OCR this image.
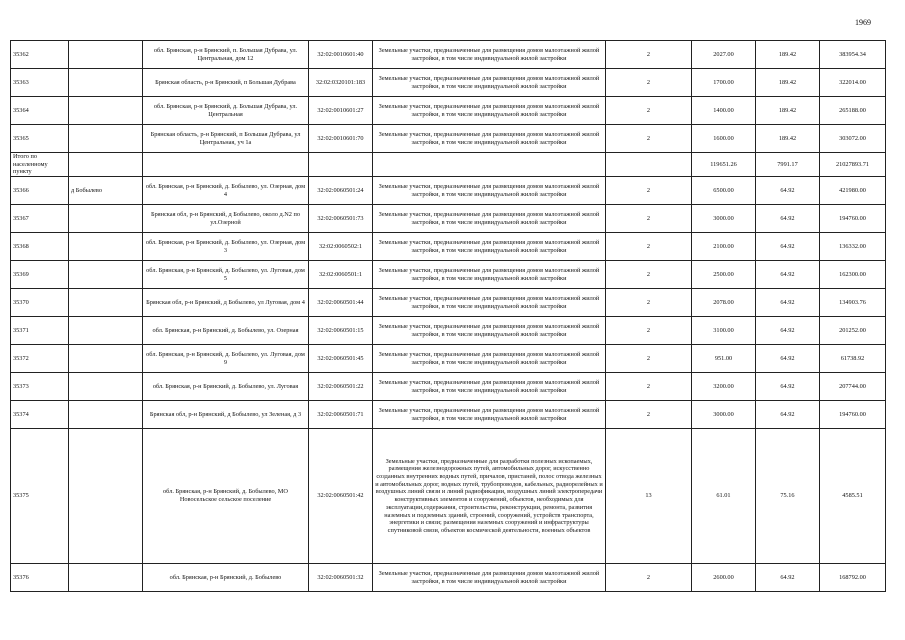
1969
35362		обл. Брянская, р-н Брянский, п. Большая Дубрава, ул. Центральная, дом 12	32:02:0010601:40	Земельные участки, предназначенные для размещения домов малоэтажной жилой застройки, в том числе индивидуальной жилой застройки	2	2027.00	189.42	383954.34
35363		Брянская область, р-н Брянский, п Большая Дубрава	32:02:0320101:183	Земельные участки, предназначенные для размещения домов малоэтажной жилой застройки, в том числе индивидуальной жилой застройки	2	1700.00	189.42	322014.00
35364		обл. Брянская, р-н Брянский, д. Большая Дубрава, ул. Центральная	32:02:0010601:27	Земельные участки, предназначенные для размещения домов малоэтажной жилой застройки, в том числе индивидуальной жилой застройки	2	1400.00	189.42	265188.00
35365		Брянская область, р-н Брянский, п Большая Дубрава, ул Центральная, уч 1а	32:02:0010601:70	Земельные участки, предназначенные для размещения домов малоэтажной жилой застройки, в том числе индивидуальной жилой застройки	2	1600.00	189.42	303072.00
Итого по населенному пункту						119651.26	7991.17	21027893.71
35366	д Бобылево	обл. Брянская, р-н Брянский, д. Бобылево, ул. Озерная, дом 4	32:02:0060501:24	Земельные участки, предназначенные для размещения домов малоэтажной жилой застройки, в том числе индивидуальной жилой застройки	2	6500.00	64.92	421980.00
35367		Брянская обл, р-н Брянский, д Бобылево, около д.N2 по ул.Озерной	32:02:0060501:73	Земельные участки, предназначенные для размещения домов малоэтажной жилой застройки, в том числе индивидуальной жилой застройки	2	3000.00	64.92	194760.00
35368		обл. Брянская, р-н Брянский, д. Бобылево, ул. Озерная, дом 3	32:02:0060502:1	Земельные участки, предназначенные для размещения домов малоэтажной жилой застройки, в том числе индивидуальной жилой застройки	2	2100.00	64.92	136332.00
35369		обл. Брянская, р-н Брянский, д. Бобылево, ул. Луговая, дом 5	32:02:0060501:1	Земельные участки, предназначенные для размещения домов малоэтажной жилой застройки, в том числе индивидуальной жилой застройки	2	2500.00	64.92	162300.00
35370		Брянская обл, р-н Брянский, д Бобылево, ул Луговая, дом 4	32:02:0060501:44	Земельные участки, предназначенные для размещения домов малоэтажной жилой застройки, в том числе индивидуальной жилой застройки	2	2078.00	64.92	134903.76
35371		обл. Брянская, р-н Брянский, д. Бобылево, ул. Озерная	32:02:0060501:15	Земельные участки, предназначенные для размещения домов малоэтажной жилой застройки, в том числе индивидуальной жилой застройки	2	3100.00	64.92	201252.00
35372		обл. Брянская, р-н Брянский, д. Бобылево, ул. Луговая, дом 9	32:02:0060501:45	Земельные участки, предназначенные для размещения домов малоэтажной жилой застройки, в том числе индивидуальной жилой застройки	2	951.00	64.92	61738.92
35373		обл. Брянская, р-н Брянский, д. Бобылево, ул. Луговая	32:02:0060501:22	Земельные участки, предназначенные для размещения домов малоэтажной жилой застройки, в том числе индивидуальной жилой застройки	2	3200.00	64.92	207744.00
35374		Брянская обл, р-н Брянский, д Бобылево, ул Зеленая, д 3	32:02:0060501:71	Земельные участки, предназначенные для размещения домов малоэтажной жилой застройки, в том числе индивидуальной жилой застройки	2	3000.00	64.92	194760.00
35375		обл. Брянская, р-н Брянский, д. Бобылево, МО Новосельское сельское поселение	32:02:0060501:42	Земельные участки, предназначенные для разработки полезных ископаемых, размещения железнодорожных путей, автомобильных дорог, искусственно созданных внутренних водных путей, причалов, пристаней, полос отвода железных и автомобильных дорог, водных путей, трубопроводов, кабельных, радиорелейных и воздушных линий связи и линий радиофикации, воздушных линий электропередачи конструктивных элементов и сооружений, объектов, необходимых для эксплуатации,содержания, строительства, реконструкции, ремонта, развития наземных и подземных зданий, строений, сооружений, устройств транспорта, энергетики и связи; размещения наземных сооружений и инфраструктуры спутниковой связи, объектов космической деятельности, военных объектов	13	61.01	75.16	4585.51
35376		обл. Брянская, р-н Брянский, д. Бобылево	32:02:0060501:32	Земельные участки, предназначенные для размещения домов малоэтажной жилой застройки, в том числе индивидуальной жилой застройки	2	2600.00	64.92	168792.00
